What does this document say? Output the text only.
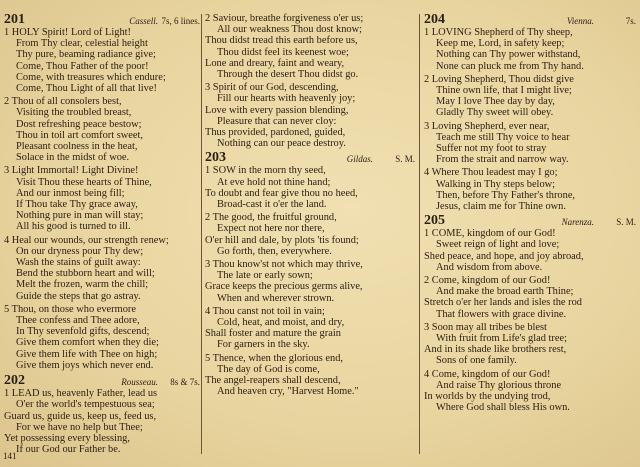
201	Cassell. 7s, 6 lines.
1 HOLY Spirit! Lord of Light!
From Thy clear, celestial height
Thy pure, beaming radiance give;
Come, Thou Father of the poor!
Come, with treasures which endure;
Come, Thou Light of all that live!
2 Thou of all consolers best,
Visiting the troubled breast,
Dost refreshing peace bestow;
Thou in toil art comfort sweet,
Pleasant coolness in the heat,
Solace in the midst of woe.
3 Light Immortal! Light Divine!
Visit Thou these hearts of Thine,
And our inmost being fill;
If Thou take Thy grace away,
Nothing pure in man will stay;
All his good is turned to ill.
4 Heal our wounds, our strength renew;
On our dryness pour Thy dew;
Wash the stains of guilt away:
Bend the stubborn heart and will;
Melt the frozen, warm the chill;
Guide the steps that go astray.
5 Thou, on those who evermore
Thee confess and Thee adore,
In Thy sevenfold gifts, descend;
Give them comfort when they die;
Give them life with Thee on high;
Give them joys which never end.
202	Rousseau. 8s & 7s.
1 LEAD us, heavenly Father, lead us
O'er the world's tempestuous sea;
Guard us, guide us, keep us, feed us,
For we have no help but Thee;
Yet possessing every blessing,
If our God our Father be.
2 Saviour, breathe forgiveness o'er us;
All our weakness Thou dost know;
Thou didst tread this earth before us,
Thou didst feel its keenest woe;
Lone and dreary, faint and weary,
Through the desert Thou didst go.
3 Spirit of our God, descending,
Fill our hearts with heavenly joy;
Love with every passion blending,
Pleasure that can never cloy:
Thus provided, pardoned, guided,
Nothing can our peace destroy.
203	Gildas. S. M.
1 SOW in the morn thy seed,
At eve hold not thine hand;
To doubt and fear give thou no heed,
Broad-cast it o'er the land.
2 The good, the fruitful ground,
Expect not here nor there,
O'er hill and dale, by plots 'tis found;
Go forth, then, everywhere.
3 Thou know'st not which may thrive,
The late or early sown;
Grace keeps the precious germs alive,
When and wherever strown.
4 Thou canst not toil in vain;
Cold, heat, and moist, and dry,
Shall foster and mature the grain
For garners in the sky.
5 Thence, when the glorious end,
The day of God is come,
The angel-reapers shall descend,
And heaven cry, "Harvest Home."
204	Vienna.	7s.
1 LOVING Shepherd of Thy sheep,
Keep me, Lord, in safety keep;
Nothing can Thy power withstand,
None can pluck me from Thy hand.
2 Loving Shepherd, Thou didst give
Thine own life, that I might live;
May I love Thee day by day,
Gladly Thy sweet will obey.
3 Loving Shepherd, ever near,
Teach me still Thy voice to hear
Suffer not my foot to stray
From the strait and narrow way.
4 Where Thou leadest may I go;
Walking in Thy steps below;
Then, before Thy Father's throne,
Jesus, claim me for Thine own.
205	Narenza. S. M.
1 COME, kingdom of our God!
Sweet reign of light and love;
Shed peace, and hope, and joy abroad,
And wisdom from above.
2 Come, kingdom of our God!
And make the broad earth Thine;
Stretch o'er her lands and isles the rod
That flowers with grace divine.
3 Soon may all tribes be blest
With fruit from Life's glad tree;
And in its shade like brothers rest,
Sons of one family.
4 Come, kingdom of our God!
And raise Thy glorious throne
In worlds by the undying trod,
Where God shall bless His own.
141
